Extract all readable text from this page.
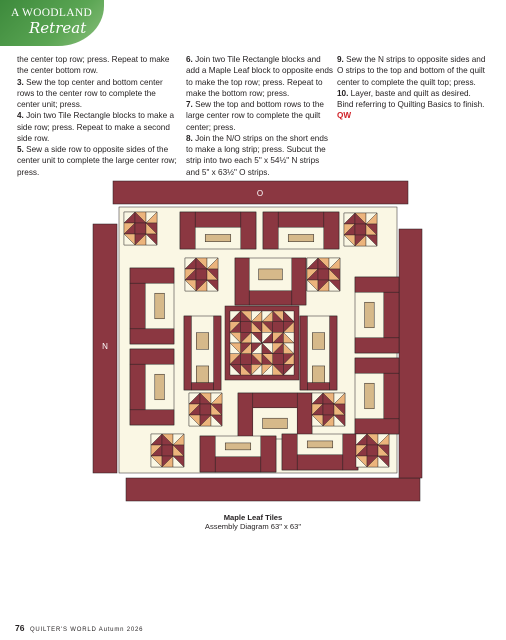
A WOODLAND
Retreat

the center top row; press. Repeat to make the center bottom row.

3. Sew the top center and bottom center rows to the center row to complete the center unit; press.

4. Join two Tile Rectangle blocks to make a side row; press. Repeat to make a second side row.

5. Sew a side row to opposite sides of the center unit to complete the large center row; press.

6. Join two Tile Rectangle blocks and add a Maple Leaf block to opposite ends to make the top row; press. Repeat to make the bottom row; press.

7. Sew the top and bottom rows to the large center row to complete the quilt center; press.

8. Join the N/O strips on the short ends to make a long strip; press. Subcut the strip into two each 5" x 54½" N strips and 5" x 63½" O strips.

9. Sew the N strips to opposite sides and O strips to the top and bottom of the quilt center to complete the quilt top; press.

10. Layer, baste and quilt as desired. Bind referring to Quilting Basics to finish. QW

O
N
Maple Leaf Tiles
Assembly Diagram 63" x 63"
76 QUILTER'S WORLD Autumn 2026
